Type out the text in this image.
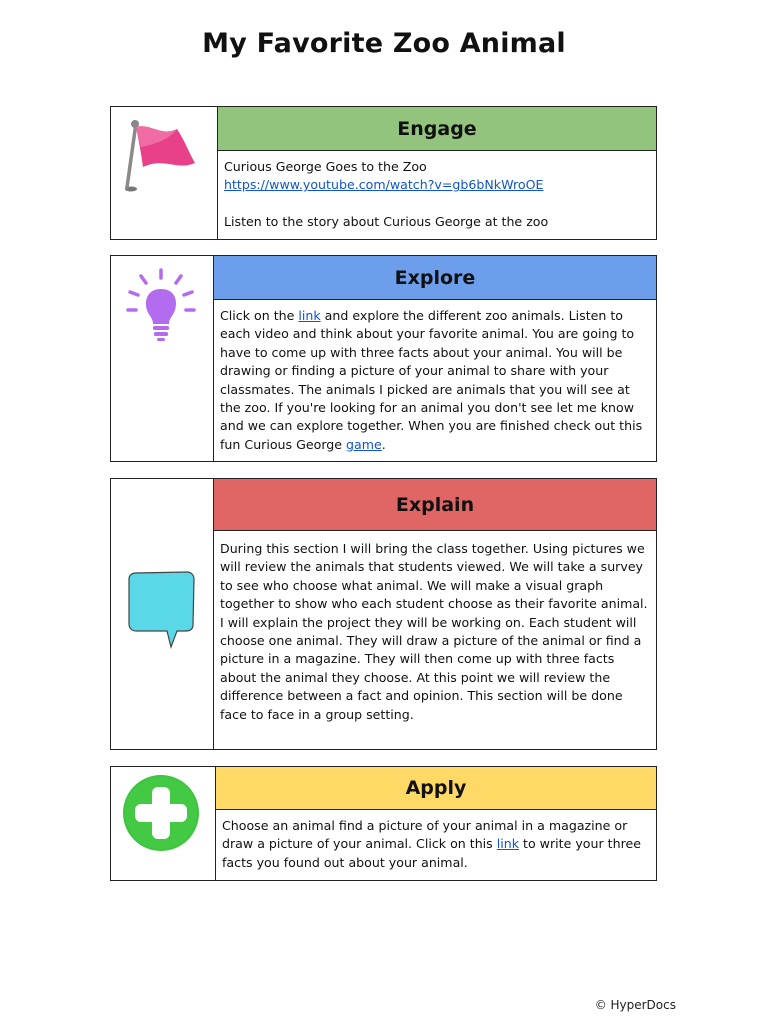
My Favorite Zoo Animal
Engage
Curious George Goes to the Zoo
https://www.youtube.com/watch?v=gb6bNkWroOE
Listen to the story about Curious George at the zoo
Explore
Click on the link and explore the different zoo animals. Listen to each video and think about your favorite animal. You are going to have to come up with three facts about your animal. You will be drawing or finding a picture of your animal to share with your classmates. The animals I picked are animals that you will see at the zoo. If you're looking for an animal you don't see let me know and we can explore together. When you are finished check out this fun Curious George game.
Explain
During this section I will bring the class together. Using pictures we will review the animals that students viewed. We will take a survey to see who choose what animal. We will make a visual graph together to show who each student choose as their favorite animal. I will explain the project they will be working on. Each student will choose one animal. They will draw a picture of the animal or find a picture in a magazine. They will then come up with three facts about the animal they choose. At this point we will review the difference between a fact and opinion. This section will be done face to face in a group setting.
Apply
Choose an animal find a picture of your animal in a magazine or draw a picture of your animal. Click on this link to write your three facts you found out about your animal.
© HyperDocs
